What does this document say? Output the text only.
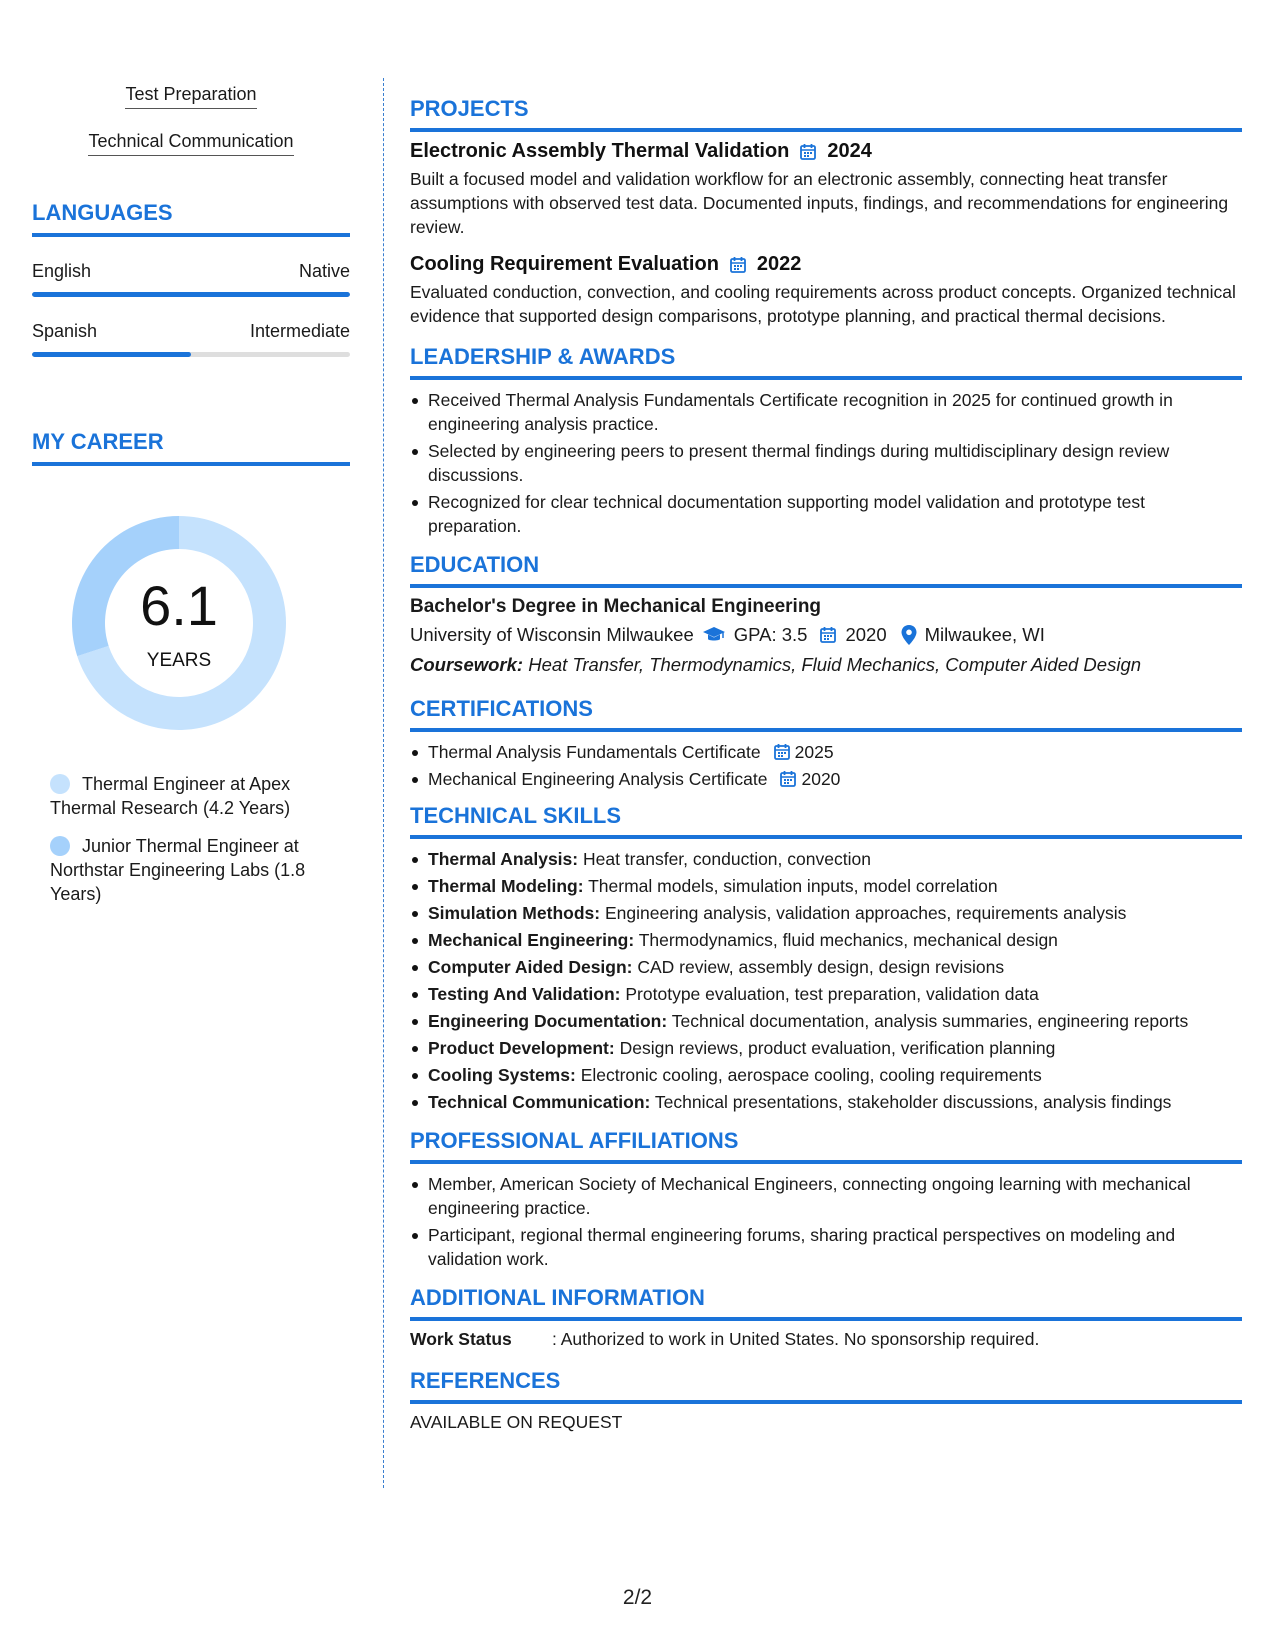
Test Preparation
Technical Communication
LANGUAGES
English	Native
Spanish	Intermediate
MY CAREER
6.1
YEARS
Thermal Engineer at Apex Thermal Research (4.2 Years)
Junior Thermal Engineer at Northstar Engineering Labs (1.8 Years)
PROJECTS
Electronic Assembly Thermal Validation 2024
Built a focused model and validation workflow for an electronic assembly, connecting heat transfer assumptions with observed test data. Documented inputs, findings, and recommendations for engineering review.
Cooling Requirement Evaluation 2022
Evaluated conduction, convection, and cooling requirements across product concepts. Organized technical evidence that supported design comparisons, prototype planning, and practical thermal decisions.
LEADERSHIP & AWARDS
Received Thermal Analysis Fundamentals Certificate recognition in 2025 for continued growth in engineering analysis practice.
Selected by engineering peers to present thermal findings during multidisciplinary design review discussions.
Recognized for clear technical documentation supporting model validation and prototype test preparation.
EDUCATION
Bachelor's Degree in Mechanical Engineering
University of Wisconsin Milwaukee GPA: 3.5 2020 Milwaukee, WI
Coursework: Heat Transfer, Thermodynamics, Fluid Mechanics, Computer Aided Design
CERTIFICATIONS
Thermal Analysis Fundamentals Certificate 2025
Mechanical Engineering Analysis Certificate 2020
TECHNICAL SKILLS
Thermal Analysis: Heat transfer, conduction, convection
Thermal Modeling: Thermal models, simulation inputs, model correlation
Simulation Methods: Engineering analysis, validation approaches, requirements analysis
Mechanical Engineering: Thermodynamics, fluid mechanics, mechanical design
Computer Aided Design: CAD review, assembly design, design revisions
Testing And Validation: Prototype evaluation, test preparation, validation data
Engineering Documentation: Technical documentation, analysis summaries, engineering reports
Product Development: Design reviews, product evaluation, verification planning
Cooling Systems: Electronic cooling, aerospace cooling, cooling requirements
Technical Communication: Technical presentations, stakeholder discussions, analysis findings
PROFESSIONAL AFFILIATIONS
Member, American Society of Mechanical Engineers, connecting ongoing learning with mechanical engineering practice.
Participant, regional thermal engineering forums, sharing practical perspectives on modeling and validation work.
ADDITIONAL INFORMATION
Work Status	: Authorized to work in United States. No sponsorship required.
REFERENCES
AVAILABLE ON REQUEST
2/2
